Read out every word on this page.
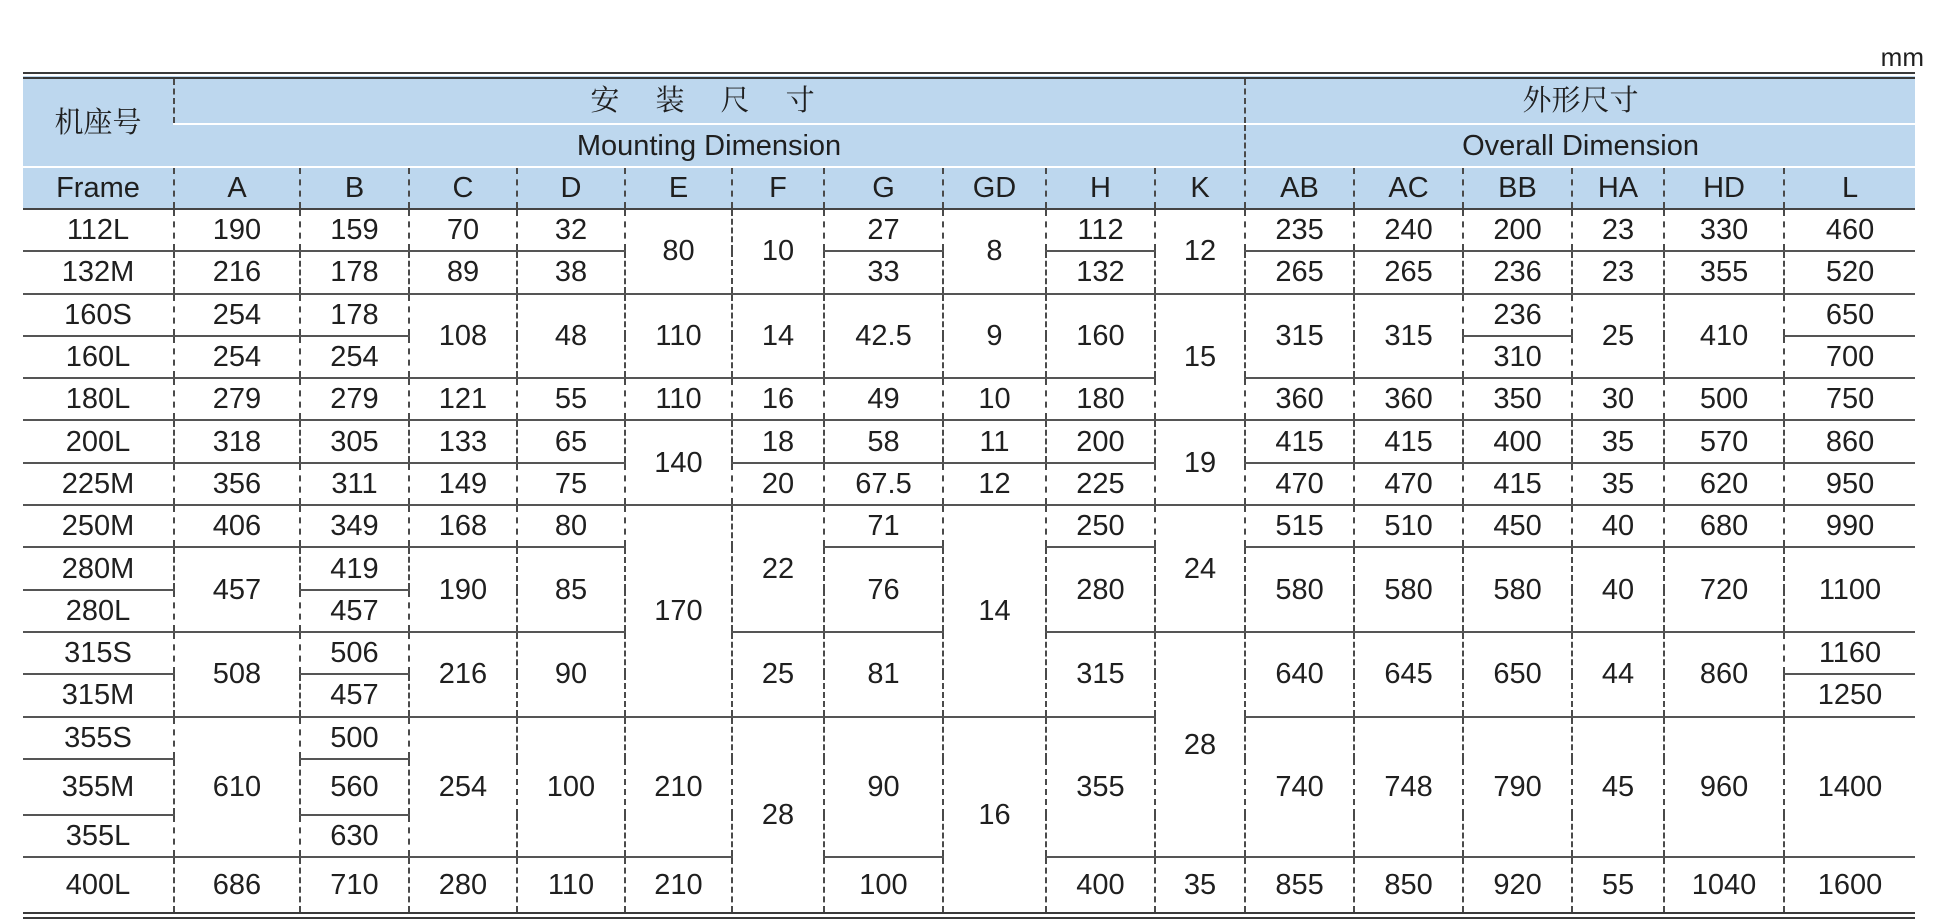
mm
机座号	安 装 尺 寸										外形尺寸					
	Mounting Dimension										Overall Dimension					
Frame	A	B	C	D	E	F	G	GD	H	K	AB	AC	BB	HA	HD	L
112L	190	159	70	32	80	10	27	8	112	12	235	240	200	23	330	460
132M	216	178	89	38			33		132		265	265	236	23	355	520
160S	254	178	108	48	110	14	42.5	9	160	15	315	315	236	25	410	650
160L	254	254											310			700
180L	279	279	121	55	110	16	49	10	180		360	360	350	30	500	750
200L	318	305	133	65	140	18	58	11	200	19	415	415	400	35	570	860
225M	356	311	149	75		20	67.5	12	225		470	470	415	35	620	950
250M	406	349	168	80	170	22	71	14	250	24	515	510	450	40	680	990
280M	457	419	190	85			76		280		580	580	580	40	720	1100
280L		457														
315S	508	506	216	90		25	81		315	28	640	645	650	44	860	1160
315M		457														1250
355S	610	500	254	100	210	28	90	16	355		740	748	790	45	960	1400
355M		560														
355L		630														
400L	686	710	280	110	210		100		400	35	855	850	920	55	1040	1600
